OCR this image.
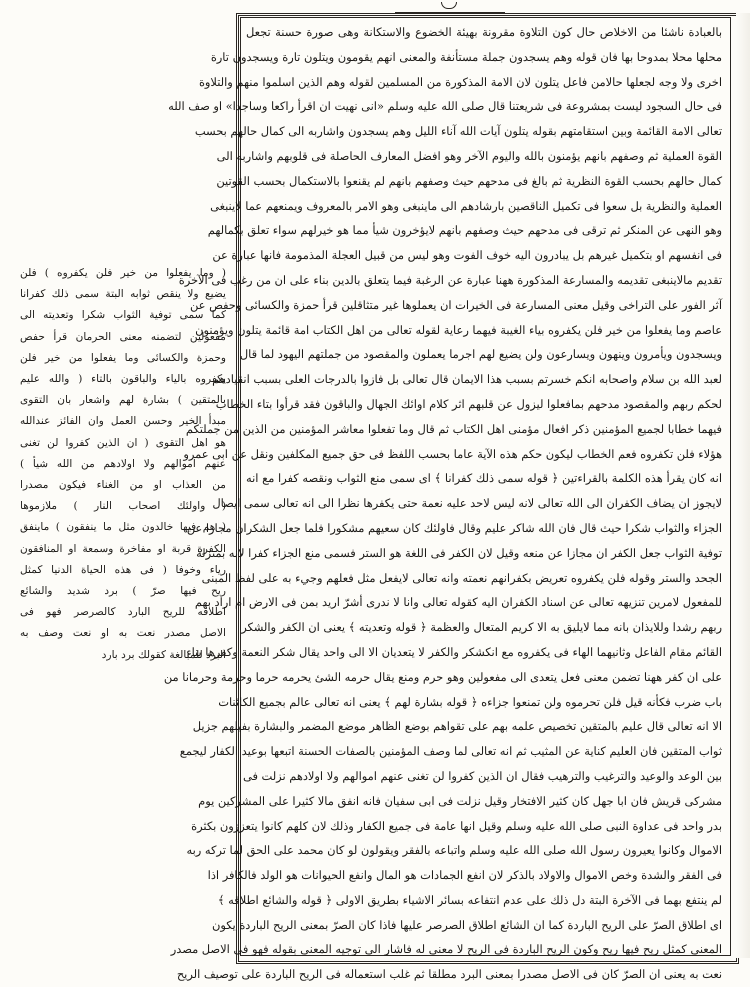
بالعبادة ناشئا من الاخلاص حال كون التلاوة مقرونة بهيئة الخضوع والاستكانة وهى صورة حسنة تجعل

محلها محلا بمدوحا بها فان قوله وهم يسجدون جملة مستأنفة والمعنى انهم يقومون ويتلون تارة ويسجدون تارة

اخرى ولا وجه لجعلها حالامن فاعل يتلون لان الامة المذكورة من المسلمين لقوله وهم الذين اسلموا منهم والتلاوة

فى حال السجود ليست بمشروعة فى شريعتنا قال صلى الله عليه وسلم «انى نهيت ان اقرأ راكعا وساجدا» او صف الله

تعالى الامة القائمة وبين استقامتهم بقوله يتلون آيات الله آناء الليل وهم يسجدون واشاربه الى كمال حالهم بحسب

القوة العملية ثم وصفهم بانهم يؤمنون بالله واليوم الآخر وهو افضل المعارف الحاصلة فى قلوبهم واشاربه الى

كمال حالهم بحسب القوة النظرية ثم بالغ فى مدحهم حيث وصفهم بانهم لم يقنعوا بالاستكمال بحسب القوتين

العملية والنظرية بل سعوا فى تكميل الناقصين بارشادهم الى ماينبغى وهو الامر بالمعروف ويمنعهم عما لاينبغى

وهو النهى عن المنكر ثم ترقى فى مدحهم حيث وصفهم بانهم لايؤخرون شيأ مما هو خيرلهم سواء تعلق بكمالهم

فى انفسهم او بتكميل غيرهم بل يبادرون اليه خوف الفوت وهو ليس من قبيل العجلة المذمومة فانها عبارة عن

تقديم مالاينبغى تقديمه والمسارعة المذكورة ههنا عبارة عن الرغبة فيما يتعلق بالدين بناء على ان من رغب فى الآخرة

آثر الفور على التراخى وقيل معنى المسارعة فى الخيرات ان يعملوها غير متثاقلين قرأ حمزة والكسائى وحفص عن

عاصم وما يفعلوا من خير فلن يكفروه بياء الغيبة فيهما رعاية لقوله تعالى من اهل الكتاب امة قائمة يتلون ويؤمنون

ويسجدون ويأمرون وينهون ويسارعون ولن يضيع لهم اجرما يعملون والمقصود من جملتهم اليهود لما قال

لعبد الله بن سلام واصحابه انكم خسرتم بسبب هذا الايمان قال تعالى بل فازوا بالدرجات العلى بسبب انقيادهم

لحكم ربهم والمقصود مدحهم بمافعلوا ليزول عن قلبهم اثر كلام اوائك الجهال والباقون فقد قرأوا بتاء الخطاب

فيهما خطابا لجميع المؤمنين ذكر افعال مؤمنى اهل الكتاب ثم قال وما تفعلوا معاشر المؤمنين من الذين من جملتكم

هؤلاء فلن تكفروه فعم الخطاب ليكون حكم هذه الآية عاما بحسب اللفظ فى حق جميع المكلفين ونقل عن ابى عمرو

انه كان يقرأ هذه الكلمة بالقراءتين ﴿ قوله سمى ذلك كفرانا ﴾ اى سمى منع الثواب ونقصه كفرا مع انه

لايجوز ان يضاف الكفران الى الله تعالى لانه ليس لاحد عليه نعمة حتى يكفرها نظرا الى انه تعالى سمى ايصال

الجزاء والثواب شكرا حيث قال فان الله شاكر عليم وقال فاولئك كان سعيهم مشكورا فلما جعل الشكران مجازا عن

توفية الثواب جعل الكفر ان مجازا عن منعه وقيل لان الكفر فى اللغة هو الستر فسمى منع الجزاء كفرا لانه بمنزلة

الجحد والستر وقوله فلن يكفروه تعريض بكفرانهم نعمته وانه تعالى لايفعل مثل فعلهم وجيء به على لفظ المبنى

للمفعول لامرين تنزيهه تعالى عن اسناد الكفران اليه كقوله تعالى وانا لا ندرى أشرّ اريد بمن فى الارض ام اراد بهم

ربهم رشدا وللايذان بانه مما لايليق به الا كريم المتعال والعظمة ﴿ قوله وتعديته ﴾ يعنى ان الكفر والشكر

القائم مقام الفاعل وثانيهما الهاء فى يكفروه مع انكشكر والكفر لا يتعديان الا الى واحد يقال شكر النعمة وكفرها بناء

على ان كفر ههنا تضمن معنى فعل يتعدى الى مفعولين وهو حرم ومنع يقال حرمه الشئ يحرمه حرما وحرمة وحرمانا من

باب ضرب فكأنه قيل فلن تحرموه ولن تمنعوا جزاءه ﴿ قوله بشارة لهم ﴾ يعنى انه تعالى عالم بجميع الكائنات

الا انه تعالى قال عليم بالمتقين تخصيص علمه بهم على تقواهم بوضع الظاهر موضع المضمر والبشارة بفيلهم جزيل

ثواب المتقين فان العليم كناية عن المثيب ثم انه تعالى لما وصف المؤمنين بالصفات الحسنة اتبعها بوعيد الكفار ليجمع

بين الوعد والوعيد والترغيب والترهيب فقال ان الذين كفروا لن تغنى عنهم اموالهم ولا اولادهم نزلت فى

مشركى قريش فان ابا جهل كان كثير الافتخار وقيل نزلت فى ابى سفيان فانه انفق مالا كثيرا على المشركين يوم

بدر واحد فى عداوة النبى صلى الله عليه وسلم وقيل انها عامة فى جميع الكفار وذلك لان كلهم كانوا يتعززون بكثرة

الاموال وكانوا يعيرون رسول الله صلى الله عليه وسلم واتباعه بالفقر ويقولون لو كان محمد على الحق لما تركه ربه

فى الفقر والشدة وخص الاموال والاولاد بالذكر لان انفع الجمادات هو المال وانفع الحيوانات هو الولد فالكافر اذا

لم ينتفع بهما فى الآخرة البتة دل ذلك على عدم انتفاعه بسائر الاشياء بطريق الاولى ﴿ قوله والشائع اطلاقه ﴾

اى اطلاق الصرّ على الريح الباردة كما ان الشائع اطلاق الصرصر عليها فاذا كان الصرّ بمعنى الريح الباردة يكون

المعنى كمثل ريح فيها ريح وكون الريح الباردة فى الريح لا معنى له فاشار الى توجيه المعنى بقوله فهو فى الاصل مصدر

نعت به يعنى ان الصرّ كان فى الاصل مصدرا بمعنى البرد مطلقا ثم غلب استعماله فى الريح الباردة على توصيف الريح

( وما يفعلوا من خير فلن يكفروه ) فلن

يضيع ولا ينقص ثوابه البتة سمى ذلك كفرانا

كما سمى توفية الثواب شكرا وتعديته الى

مفعولين لتضمنه معنى الحرمان قرأ حفص

وحمزة والكسائى وما يفعلوا من خير فلن

يكفروه بالياء والباقون بالتاء ( والله عليم

بالمتقين ) بشارة لهم واشعار بان التقوى

مبدأ الخير وحسن العمل وان الفائز عندالله

هو اهل التقوى ( ان الذين كفروا لن تغنى

عنهم اموالهم ولا اولادهم من الله شيأ )

من العذاب او من الغناء فيكون مصدرا

( واولئك اصحاب النار ) ملازموها

( هم فيها خالدون مثل ما ينفقون ) ماينفق

الكفرة قربة او مفاخرة وسمعة او المنافقون

رياء وخوفا ( فى هذه الحياة الدنيا كمثل

ريح فيها صرّ ) برد شديد والشائع

اطلاقه للريح البارد كالصرصر فهو فى

الاصل مصدر نعت به او نعت وصف به

البرد للمبالغة كقولك برد بارد
